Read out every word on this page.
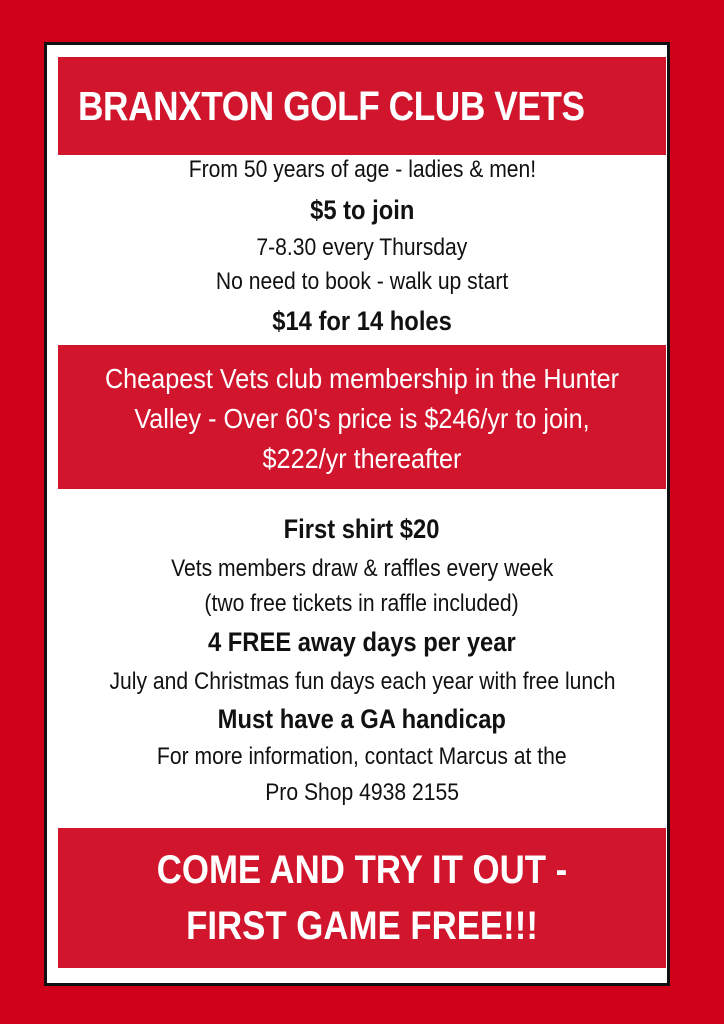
BRANXTON GOLF CLUB VETS
From 50 years of age - ladies & men!
$5 to join
7-8.30 every Thursday
No need to book - walk up start
$14 for 14 holes
Cheapest Vets club membership in the Hunter Valley - Over 60's price is $246/yr to join, $222/yr thereafter
First shirt $20
Vets members draw & raffles every week
(two free tickets in raffle included)
4 FREE away days per year
July and Christmas fun days each year with free lunch
Must have a GA handicap
For more information, contact Marcus at the
Pro Shop 4938 2155
COME AND TRY IT OUT - FIRST GAME FREE!!!
